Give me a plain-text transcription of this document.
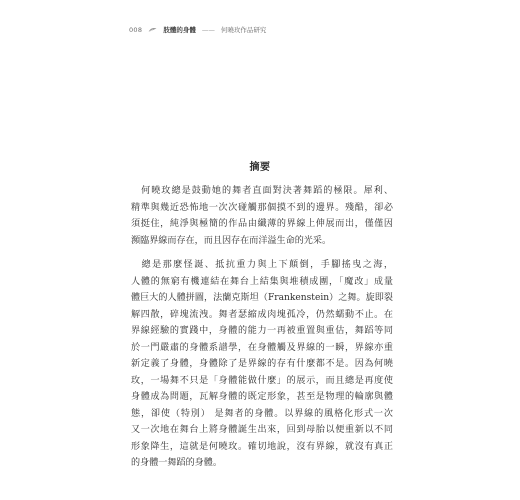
008	肢體的身體 —— 何曉玫作品研究
摘要
　何曉玫總是鼓動她的舞者直面對決著舞蹈的極限。犀利、
精準與幾近恐怖地一次次碰觸那個摸不到的邊界。殘酷，卻必
須挺住，純淨與極簡的作品由纖薄的界線上伸展而出，僅僅因
瀕臨界線而存在，而且因存在而洋溢生命的光采。
　總是那麼怪誕、抵抗重力與上下顛倒，手腳搖曳之海，
人體的無窮有機連結在舞台上結集與堆積成團，「魔改」成量
體巨大的人體拼圖，法蘭克斯坦（Frankenstein）之舞。旋即裂
解四散，碎塊流洩。舞者瑟縮成肉塊孤冷，仍然蠕動不止。在
界線經驗的實踐中，身體的能力一再被重置與重估，舞蹈等同
於一門嚴肅的身體系譜學，在身體觸及界線的一瞬，界線亦重
新定義了身體，身體除了是界線的存有什麼都不是。因為何曉
玫，一場舞不只是「身體能做什麼」的展示，而且總是再度使
身體成為問題，瓦解身體的既定形象，甚至是物理的輪廓與體
態，卻使（特別） 是舞者的身體。以界線的風格化形式一次
又一次地在舞台上將身體誕生出來，回到母胎以便重新以不同
形象降生，這就是何曉玫。確切地說，沒有界線，就沒有真正
的身體一舞蹈的身體。
